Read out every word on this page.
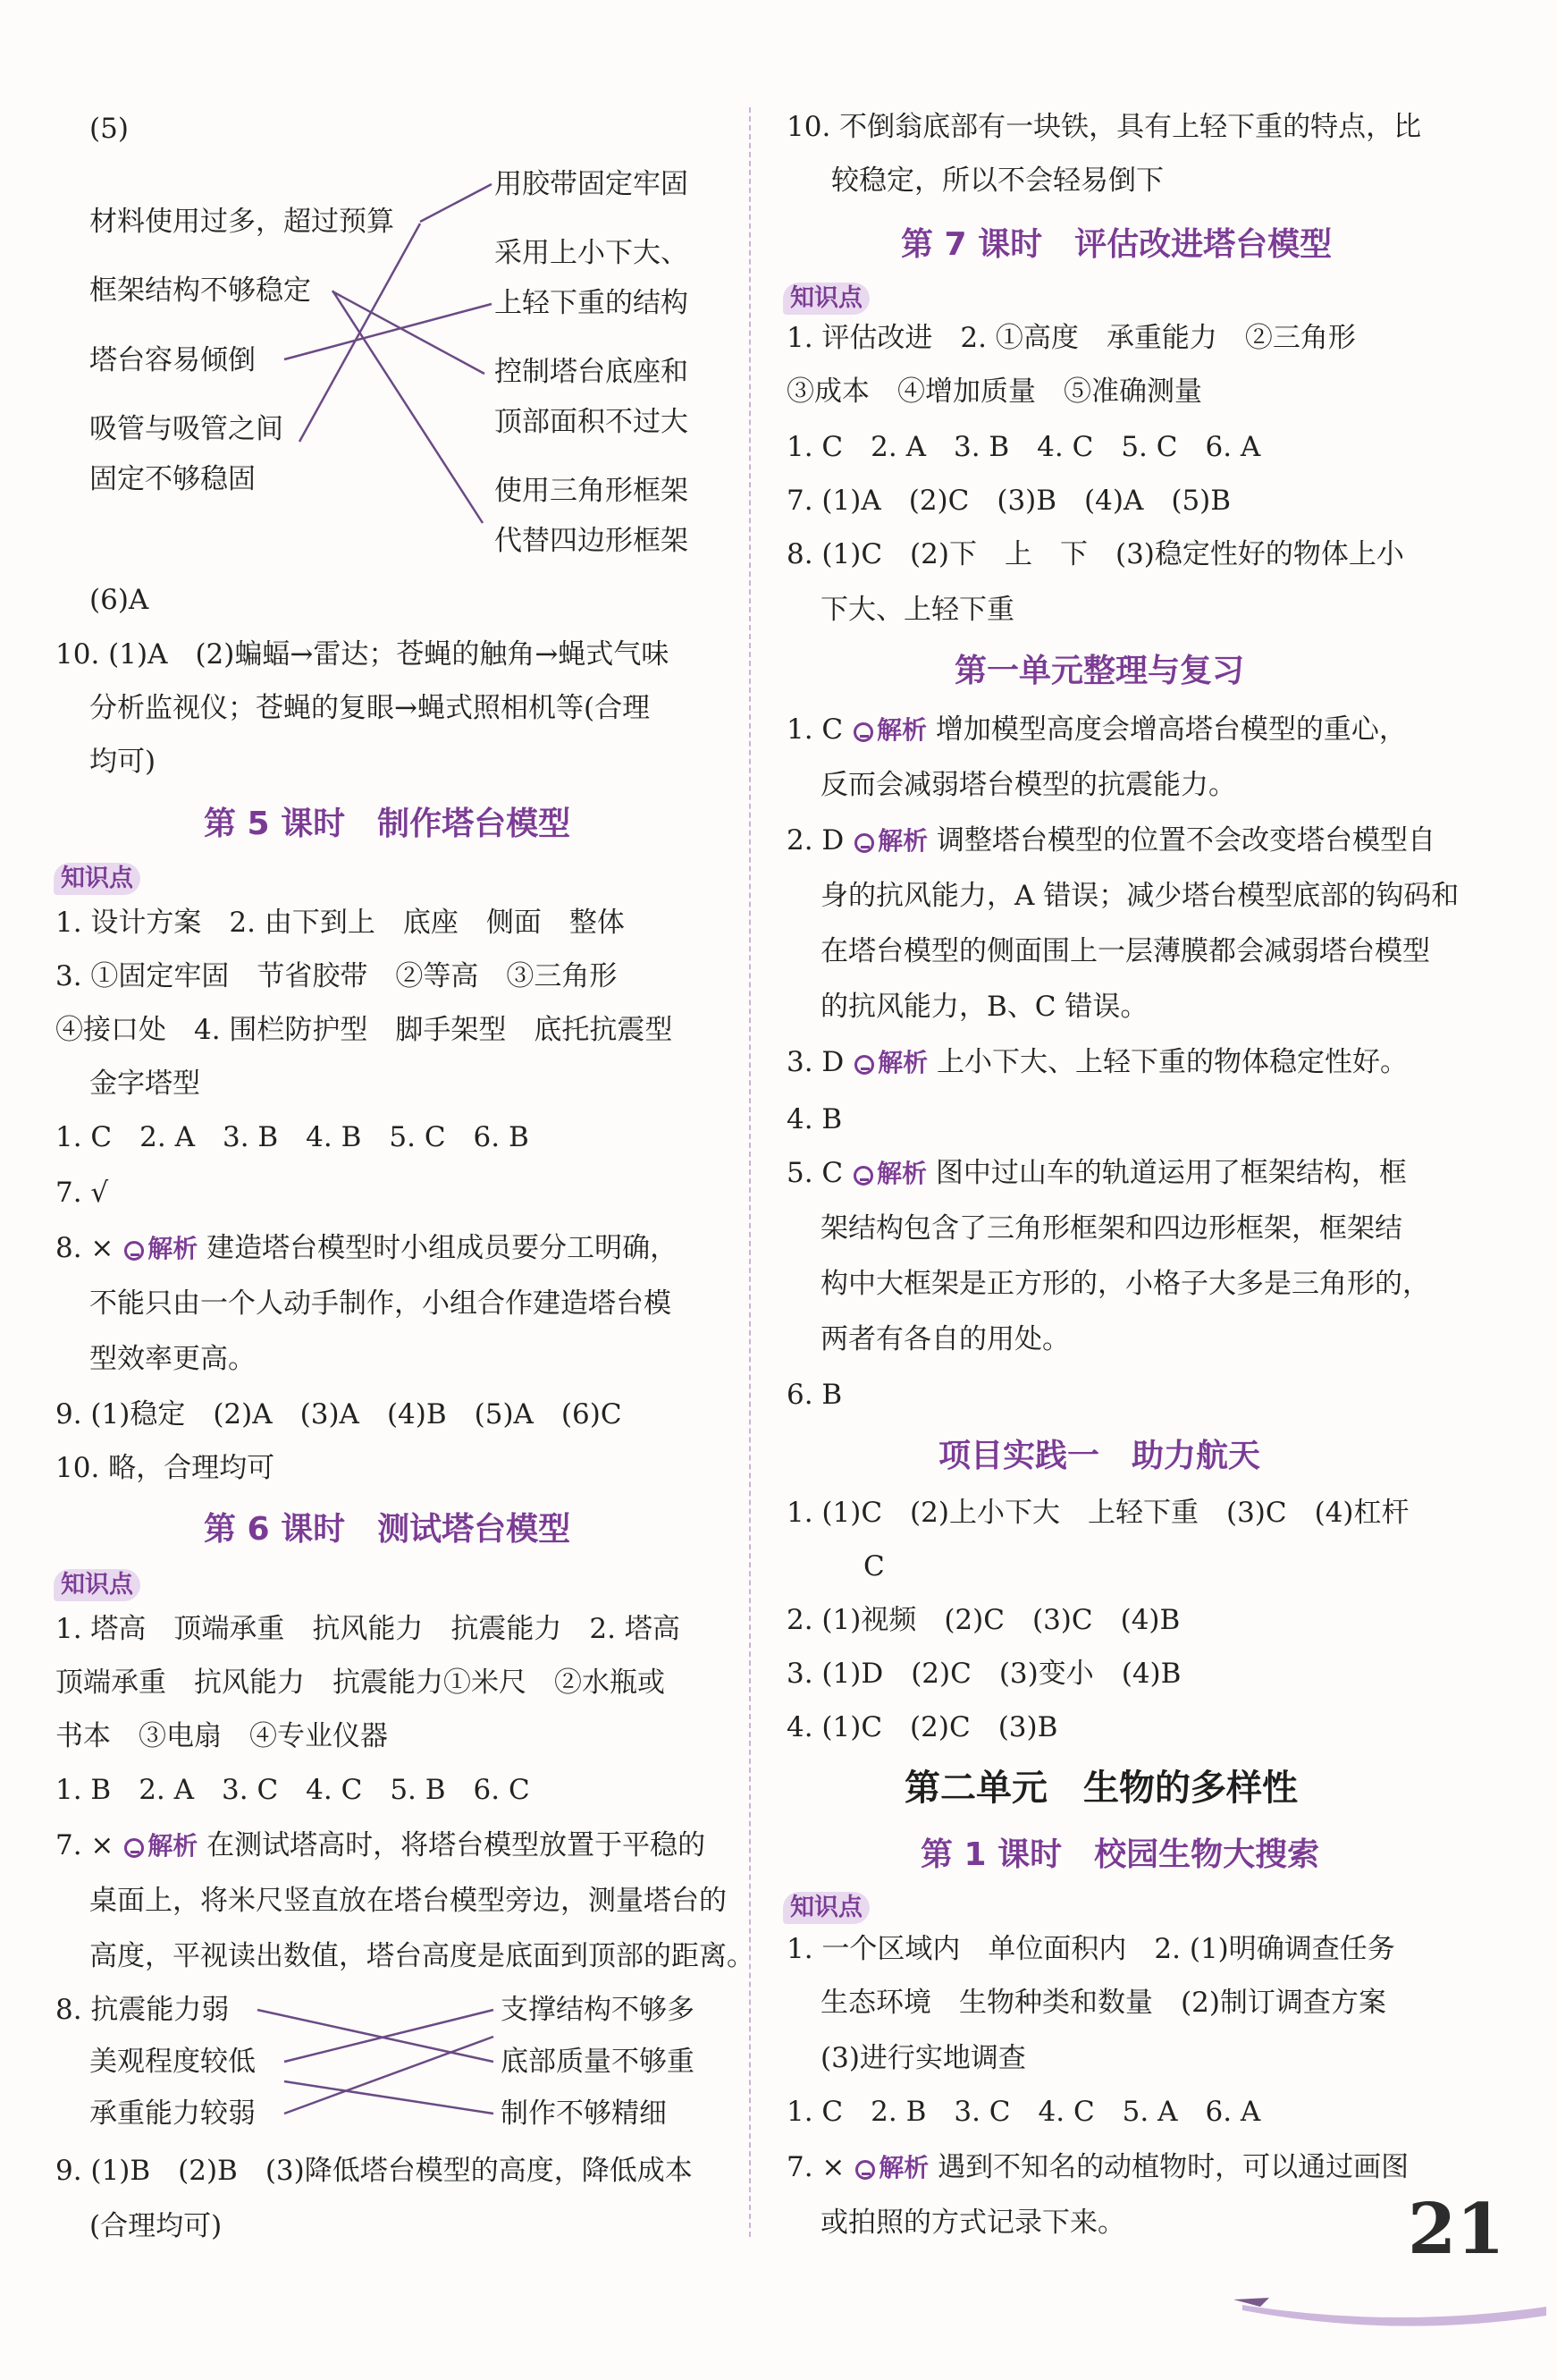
(5)
材料使用过多，超过预算
框架结构不够稳定
塔台容易倾倒
吸管与吸管之间
固定不够稳固
用胶带固定牢固
采用上小下大、
上轻下重的结构
控制塔台底座和
顶部面积不过大
使用三角形框架
代替四边形框架
(6)A
10. (1)A　(2)蝙蝠→雷达；苍蝇的触角→蝇式气味
分析监视仪；苍蝇的复眼→蝇式照相机等(合理
均可)
第 5 课时　制作塔台模型
知识点
1. 设计方案　2. 由下到上　底座　侧面　整体
3. ①固定牢固　节省胶带　②等高　③三角形
④接口处　4. 围栏防护型　脚手架型　底托抗震型
金字塔型
1. C　2. A　3. B　4. B　5. C　6. B
7. √
8. × 解析 建造塔台模型时小组成员要分工明确，
不能只由一个人动手制作，小组合作建造塔台模
型效率更高。
9. (1)稳定　(2)A　(3)A　(4)B　(5)A　(6)C
10. 略，合理均可
第 6 课时　测试塔台模型
知识点
1. 塔高　顶端承重　抗风能力　抗震能力　2. 塔高
顶端承重　抗风能力　抗震能力①米尺　②水瓶或
书本　③电扇　④专业仪器
1. B　2. A　3. C　4. C　5. B　6. C
7. × 解析 在测试塔高时，将塔台模型放置于平稳的
桌面上，将米尺竖直放在塔台模型旁边，测量塔台的
高度，平视读出数值，塔台高度是底面到顶部的距离。
8. 抗震能力弱
美观程度较低
承重能力较弱
支撑结构不够多
底部质量不够重
制作不够精细
9. (1)B　(2)B　(3)降低塔台模型的高度，降低成本
(合理均可)
10. 不倒翁底部有一块铁，具有上轻下重的特点，比
较稳定，所以不会轻易倒下
第 7 课时　评估改进塔台模型
知识点
1. 评估改进　2. ①高度　承重能力　②三角形
③成本　④增加质量　⑤准确测量
1. C　2. A　3. B　4. C　5. C　6. A
7. (1)A　(2)C　(3)B　(4)A　(5)B
8. (1)C　(2)下　上　下　(3)稳定性好的物体上小
下大、上轻下重
第一单元整理与复习
1. C 解析 增加模型高度会增高塔台模型的重心，
反而会减弱塔台模型的抗震能力。
2. D 解析 调整塔台模型的位置不会改变塔台模型自
身的抗风能力，A 错误；减少塔台模型底部的钩码和
在塔台模型的侧面围上一层薄膜都会减弱塔台模型
的抗风能力，B、C 错误。
3. D 解析 上小下大、上轻下重的物体稳定性好。
4. B
5. C 解析 图中过山车的轨道运用了框架结构，框
架结构包含了三角形框架和四边形框架，框架结
构中大框架是正方形的，小格子大多是三角形的，
两者有各自的用处。
6. B
项目实践一　助力航天
1. (1)C　(2)上小下大　上轻下重　(3)C　(4)杠杆
C
2. (1)视频　(2)C　(3)C　(4)B
3. (1)D　(2)C　(3)变小　(4)B
4. (1)C　(2)C　(3)B
第二单元　生物的多样性
第 1 课时　校园生物大搜索
知识点
1. 一个区域内　单位面积内　2. (1)明确调查任务
生态环境　生物种类和数量　(2)制订调查方案
(3)进行实地调查
1. C　2. B　3. C　4. C　5. A　6. A
7. × 解析 遇到不知名的动植物时，可以通过画图
或拍照的方式记录下来。	21
